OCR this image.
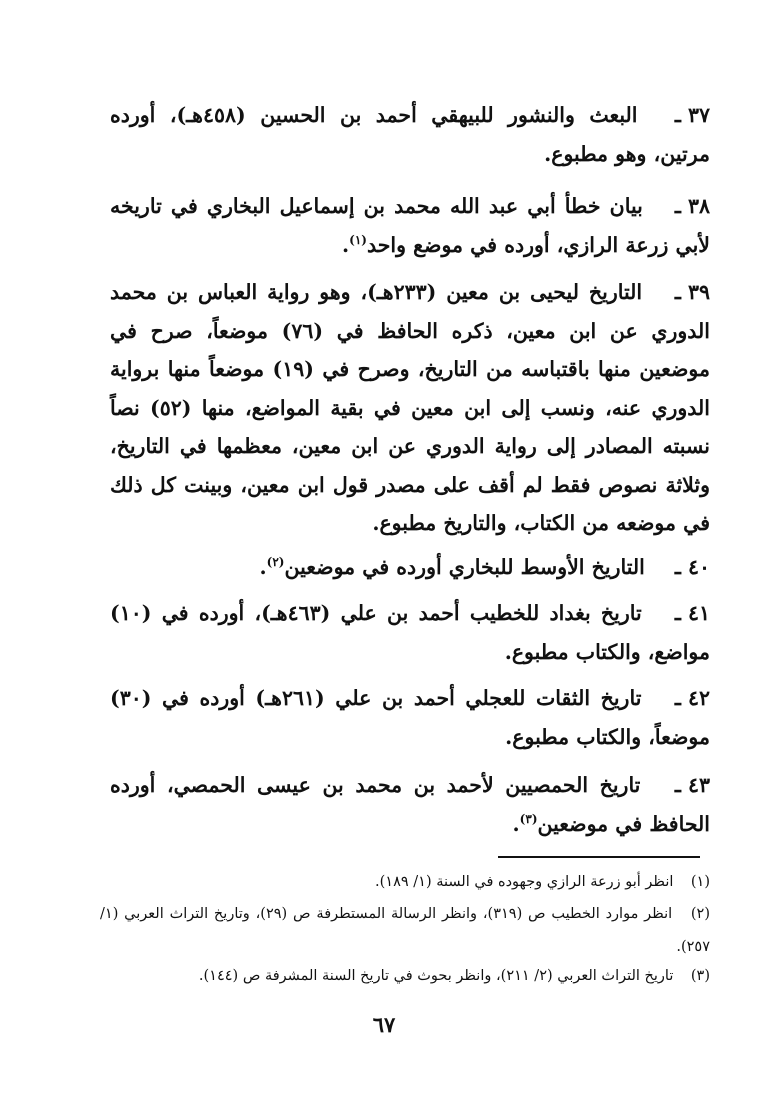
٣٧ ـ البعث والنشور للبيهقي أحمد بن الحسين (٤٥٨هـ)، أورده مرتين، وهو مطبوع.
٣٨ ـ بيان خطأ أبي عبد الله محمد بن إسماعيل البخاري في تاريخه لأبي زرعة الرازي، أورده في موضع واحد$^{(١)}$.
٣٩ ـ التاريخ ليحيى بن معين (٢٣٣هـ)، وهو رواية العباس بن محمد الدوري عن ابن معين، ذكره الحافظ في (٧٦) موضعاً، صرح في موضعين منها باقتباسه من التاريخ، وصرح في (١٩) موضعاً منها برواية الدوري عنه، ونسب إلى ابن معين في بقية المواضع، منها (٥٢) نصاً نسبته المصادر إلى رواية الدوري عن ابن معين، معظمها في التاريخ، وثلاثة نصوص فقط لم أقف على مصدر قول ابن معين، وبينت كل ذلك في موضعه من الكتاب، والتاريخ مطبوع.
٤٠ ـ التاريخ الأوسط للبخاري أورده في موضعين$^{(٢)}$.
٤١ ـ تاريخ بغداد للخطيب أحمد بن علي (٤٦٣هـ)، أورده في (١٠) مواضع، والكتاب مطبوع.
٤٢ ـ تاريخ الثقات للعجلي أحمد بن علي (٢٦١هـ) أورده في (٣٠) موضعاً، والكتاب مطبوع.
٤٣ ـ تاريخ الحمصيين لأحمد بن محمد بن عيسى الحمصي، أورده الحافظ في موضعين$^{(٣)}$.
(١) انظر أبو زرعة الرازي وجهوده في السنة (١/ ١٨٩).
(٢) انظر موارد الخطيب ص (٣١٩)، وانظر الرسالة المستطرفة ص (٢٩)، وتاريخ التراث العربي (١/ ٢٥٧).
(٣) تاريخ التراث العربي (٢/ ٢١١)، وانظر بحوث في تاريخ السنة المشرفة ص (١٤٤).
٦٧
